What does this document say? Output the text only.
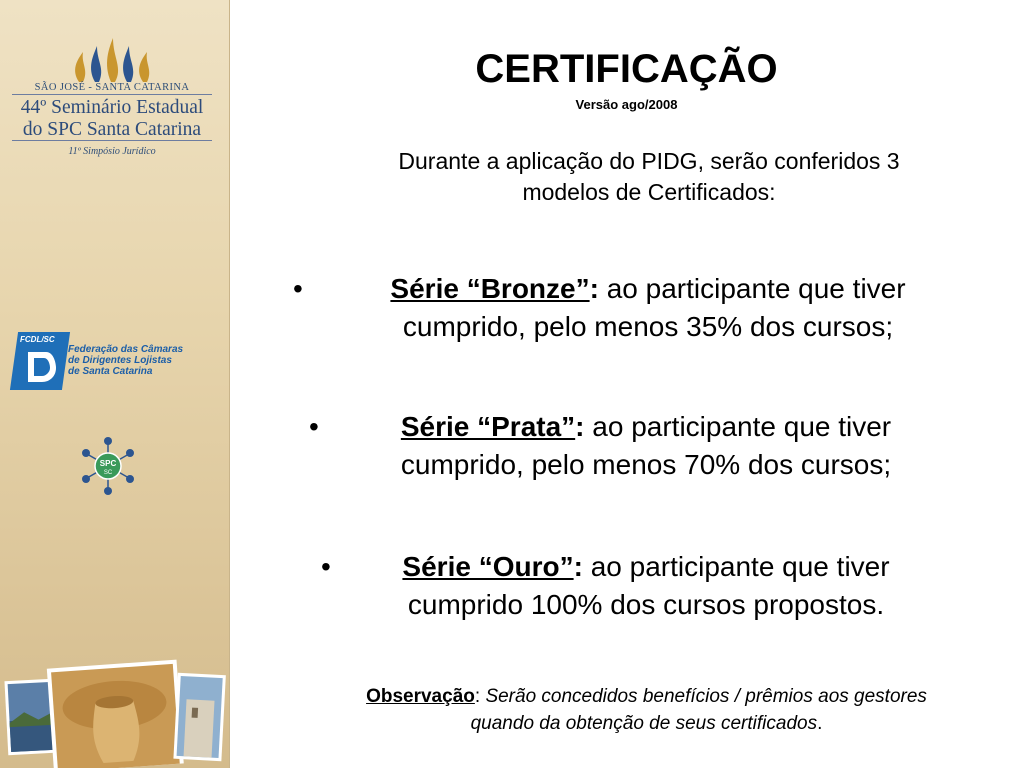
SÃO JOSÉ - SANTA CATARINA
44º Seminário Estadual
do SPC Santa Catarina
11º Simpósio Jurídico
FCDL/SC
Federação das Câmaras
de Dirigentes Lojistas
de Santa Catarina
SPC
SC
CERTIFICAÇÃO
Versão ago/2008
Durante a aplicação do PIDG, serão conferidos 3
modelos de Certificados:
•	Série “Bronze”: ao participante que tiver
cumprido, pelo menos 35% dos cursos;
•	Série “Prata”: ao participante que tiver
cumprido, pelo menos 70% dos cursos;
•	Série “Ouro”: ao participante que tiver
cumprido 100% dos cursos propostos.
Observação: Serão concedidos benefícios / prêmios aos gestores
quando da obtenção de seus certificados.
